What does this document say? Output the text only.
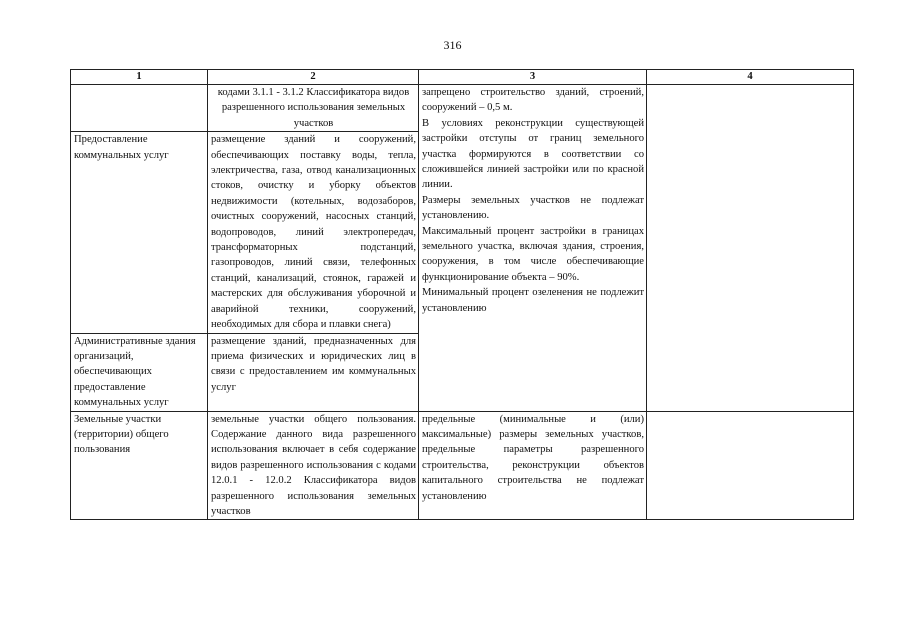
316
1	2	3	4
	кодами 3.1.1 - 3.1.2 Классификатора видов разрешенного использования земельных участков	запрещено строительство зданий, строений, сооружений – 0,5 м.

В условиях реконструкции существующей застройки отступы от границ земельного участка формируются в соответствии со сложившейся линией застройки или по красной линии.

Размеры земельных участков не подлежат установлению.

Максимальный процент застройки в границах земельного участка, включая здания, строения, сооружения, в том числе обеспечивающие функционирование объекта – 90%.

Минимальный процент озеленения не подлежит установлению	

Предоставление коммунальных услуг	размещение зданий и сооружений, обеспечивающих поставку воды, тепла, электричества, газа, отвод канализационных стоков, очистку и уборку объектов недвижимости (котельных, водозаборов, очистных сооружений, насосных станций, водопроводов, линий электропередач, трансформаторных подстанций, газопроводов, линий связи, телефонных станций, канализаций, стоянок, гаражей и мастерских для обслуживания уборочной и аварийной техники, сооружений, необходимых для сбора и плавки снега)		
Административные здания организаций, обеспечивающих предоставление коммунальных услуг	размещение зданий, предназначенных для приема физических и юридических лиц в связи с предоставлением им коммунальных услуг		
Земельные участки (территории) общего пользования	земельные участки общего пользования. Содержание данного вида разрешенного использования включает в себя содержание видов разрешенного использования с кодами 12.0.1 - 12.0.2 Классификатора видов разрешенного использования земельных участков	предельные (минимальные и (или) максимальные) размеры земельных участков, предельные параметры разрешенного строительства, реконструкции объектов капитального строительства не подлежат установлению	
